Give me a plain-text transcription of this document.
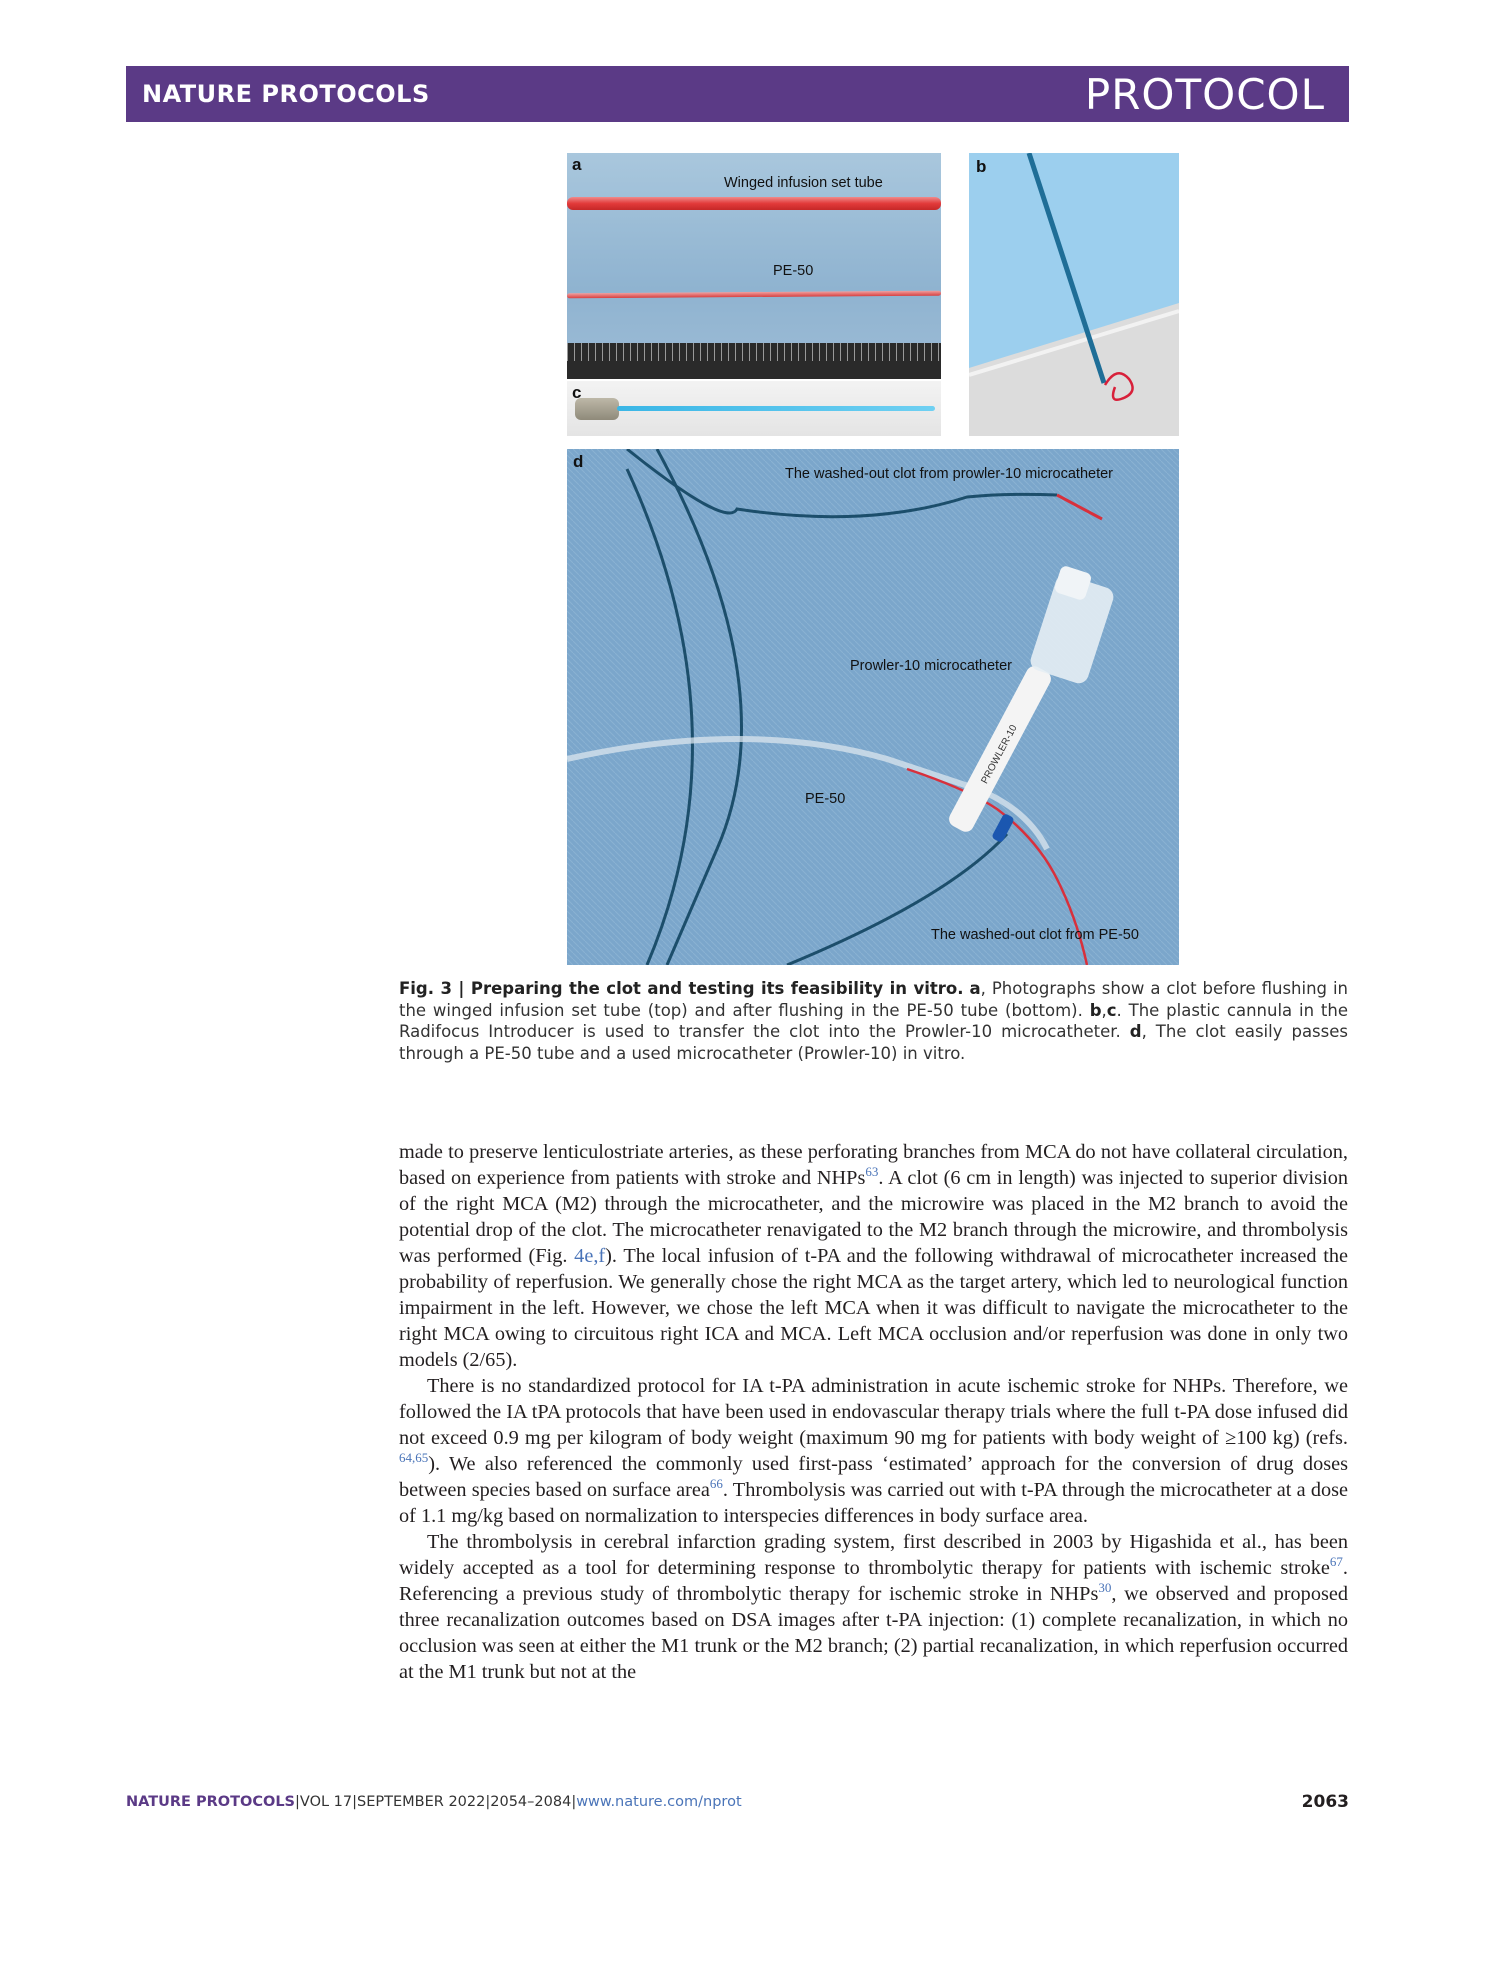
NATURE PROTOCOLS	PROTOCOL
a
Winged infusion set tube
PE-50
c
b
d
The washed-out clot from prowler-10 microcatheter
Prowler-10 microcatheter
PE-50
The washed-out clot from PE-50
PROWLER-10
Fig. 3 | Preparing the clot and testing its feasibility in vitro. a, Photographs show a clot before flushing in the winged infusion set tube (top) and after flushing in the PE-50 tube (bottom). b,c. The plastic cannula in the Radifocus Introducer is used to transfer the clot into the Prowler-10 microcatheter. d, The clot easily passes through a PE-50 tube and a used microcatheter (Prowler-10) in vitro.

made to preserve lenticulostriate arteries, as these perforating branches from MCA do not have collateral circulation, based on experience from patients with stroke and NHPs$^{63}$. A clot (6 cm in length) was injected to superior division of the right MCA (M2) through the microcatheter, and the microwire was placed in the M2 branch to avoid the potential drop of the clot. The microcatheter renavigated to the M2 branch through the microwire, and thrombolysis was performed (Fig. 4e,f). The local infusion of t-PA and the following withdrawal of microcatheter increased the probability of reperfusion. We generally chose the right MCA as the target artery, which led to neurological function impairment in the left. However, we chose the left MCA when it was difficult to navigate the microcatheter to the right MCA owing to circuitous right ICA and MCA. Left MCA occlusion and/or reperfusion was done in only two models (2/65).

There is no standardized protocol for IA t-PA administration in acute ischemic stroke for NHPs. Therefore, we followed the IA tPA protocols that have been used in endovascular therapy trials where the full t-PA dose infused did not exceed 0.9 mg per kilogram of body weight (maximum 90 mg for patients with body weight of ≥100 kg) (refs. $^{64,65}$). We also referenced the commonly used first-pass ‘estimated’ approach for the conversion of drug doses between species based on surface area$^{66}$. Thrombolysis was carried out with t-PA through the microcatheter at a dose of 1.1 mg/kg based on normalization to interspecies differences in body surface area.

The thrombolysis in cerebral infarction grading system, first described in 2003 by Higashida et al., has been widely accepted as a tool for determining response to thrombolytic therapy for patients with ischemic stroke$^{67}$. Referencing a previous study of thrombolytic therapy for ischemic stroke in NHPs$^{30}$, we observed and proposed three recanalization outcomes based on DSA images after t-PA injection: (1) complete recanalization, in which no occlusion was seen at either the M1 trunk or the M2 branch; (2) partial recanalization, in which reperfusion occurred at the M1 trunk but not at the

NATURE PROTOCOLS|VOL 17|SEPTEMBER 2022|2054–2084|www.nature.com/nprot	2063
